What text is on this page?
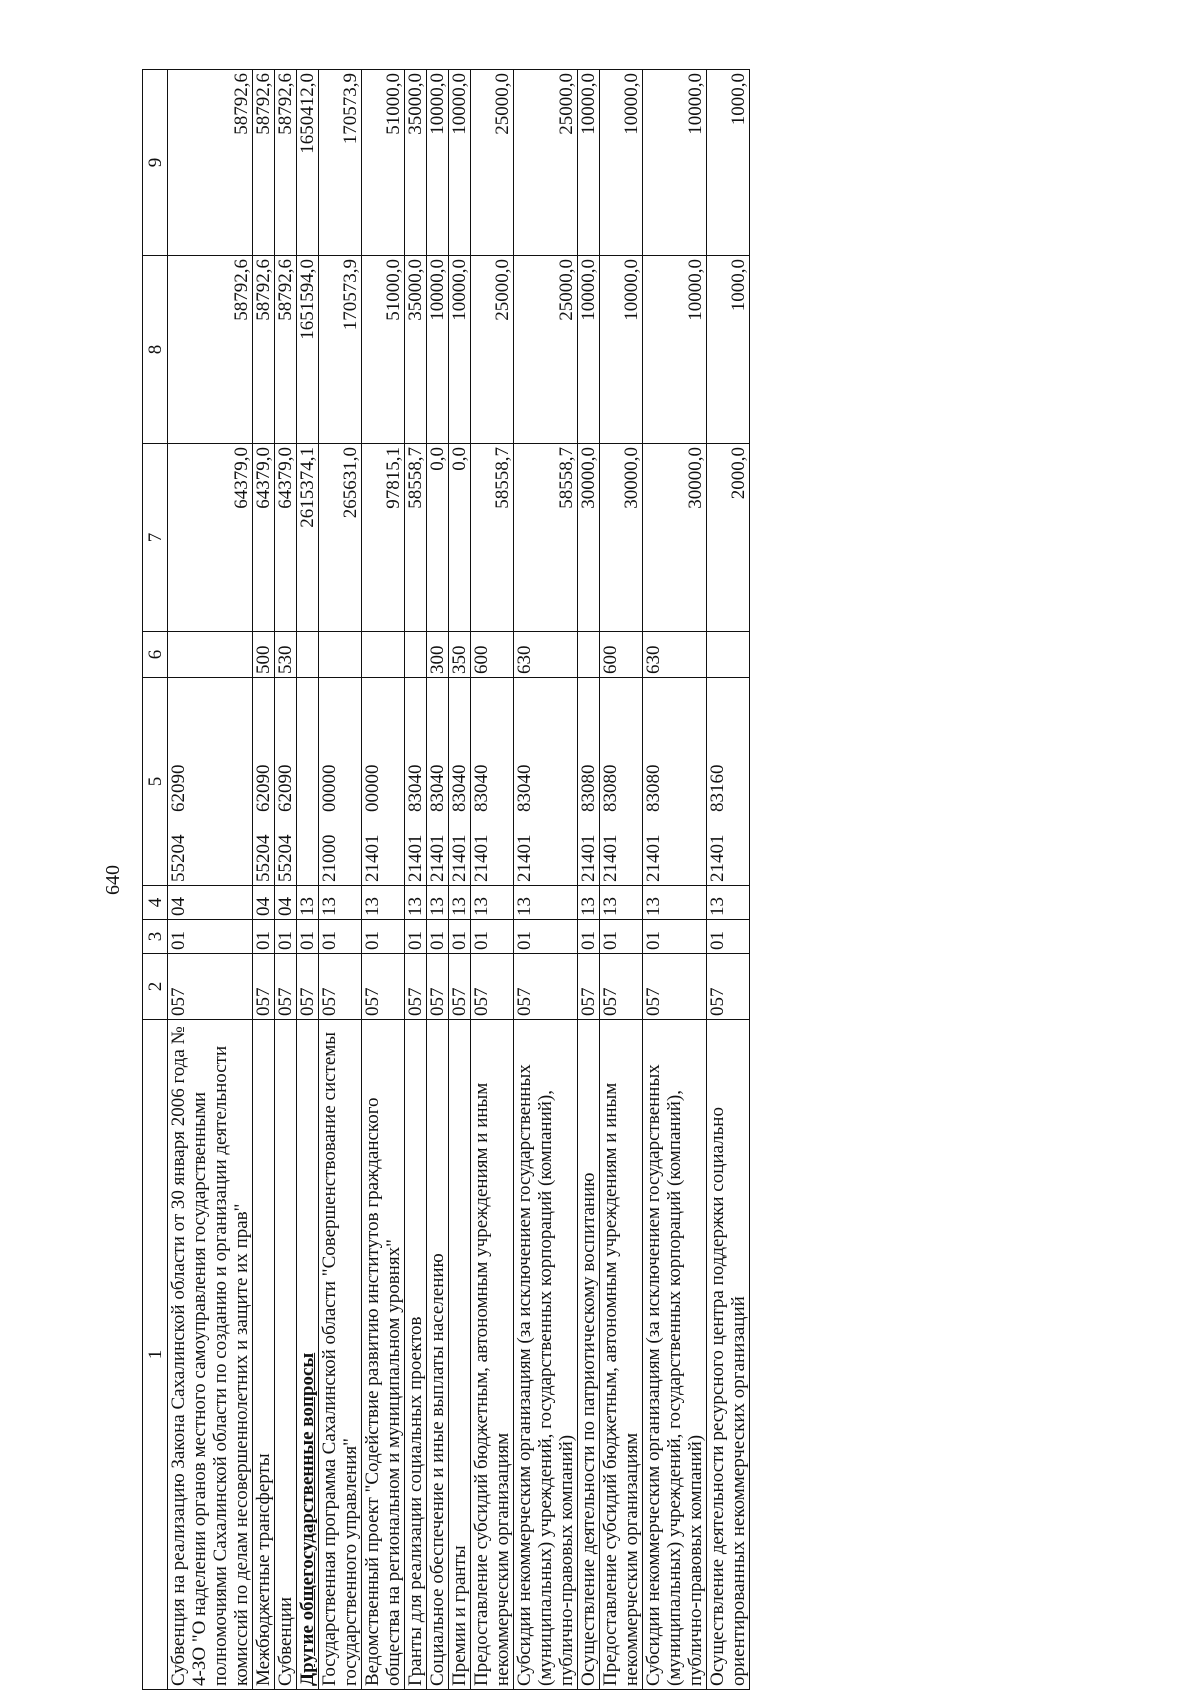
640
1	2	3	4	5	6	7	8	9
Субвенция на реализацию Закона Сахалинской области от 30 января 2006 года № 4-ЗО "О наделении органов местного самоуправления государственными полномочиями Сахалинской области по созданию и организации деятельности комиссий по делам несовершеннолетних и защите их прав"	057	01	04	5520462090		64379,0	58792,6	58792,6
Межбюджетные трансферты	057	01	04	5520462090	500	64379,0	58792,6	58792,6
Субвенции	057	01	04	5520462090	530	64379,0	58792,6	58792,6
Другие общегосударственные вопросы	057	01	13			2615374,1	1651594,0	1650412,0
Государственная программа Сахалинской области "Совершенствование системы государственного управления"	057	01	13	2100000000		265631,0	170573,9	170573,9
Ведомственный проект "Содействие развитию институтов гражданского общества на региональном и муниципальном уровнях"	057	01	13	2140100000		97815,1	51000,0	51000,0
Гранты для реализации социальных проектов	057	01	13	2140183040		58558,7	35000,0	35000,0
Социальное обеспечение и иные выплаты населению	057	01	13	2140183040	300	0,0	10000,0	10000,0
Премии и гранты	057	01	13	2140183040	350	0,0	10000,0	10000,0
Предоставление субсидий бюджетным, автономным учреждениям и иным некоммерческим организациям	057	01	13	2140183040	600	58558,7	25000,0	25000,0
Субсидии некоммерческим организациям (за исключением государственных (муниципальных) учреждений, государственных корпораций (компаний), публично-правовых компаний)	057	01	13	2140183040	630	58558,7	25000,0	25000,0
Осуществление деятельности по патриотическому воспитанию	057	01	13	2140183080		30000,0	10000,0	10000,0
Предоставление субсидий бюджетным, автономным учреждениям и иным некоммерческим организациям	057	01	13	2140183080	600	30000,0	10000,0	10000,0
Субсидии некоммерческим организациям (за исключением государственных (муниципальных) учреждений, государственных корпораций (компаний), публично-правовых компаний)	057	01	13	2140183080	630	30000,0	10000,0	10000,0
Осуществление деятельности ресурсного центра поддержки социально ориентированных некоммерческих организаций	057	01	13	2140183160		2000,0	1000,0	1000,0
